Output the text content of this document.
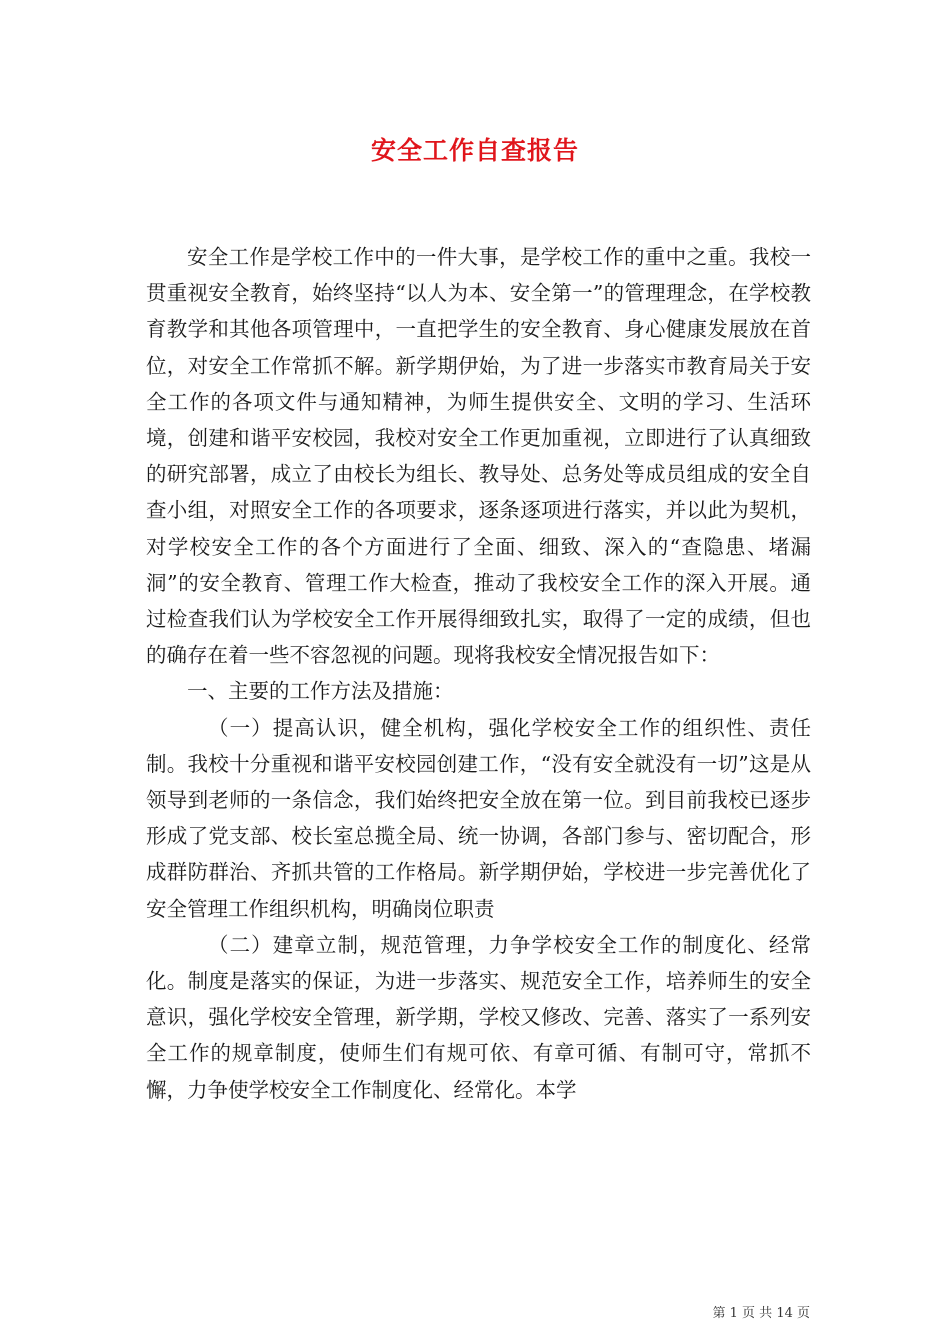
安全工作自查报告

安全工作是学校工作中的一件大事，是学校工作的重中之重。我校一贯重视安全教育，始终坚持“以人为本、安全第一”的管理理念，在学校教育教学和其他各项管理中，一直把学生的安全教育、身心健康发展放在首位，对安全工作常抓不解。新学期伊始，为了进一步落实市教育局关于安全工作的各项文件与通知精神，为师生提供安全、文明的学习、生活环境，创建和谐平安校园，我校对安全工作更加重视，立即进行了认真细致的研究部署，成立了由校长为组长、教导处、总务处等成员组成的安全自查小组，对照安全工作的各项要求，逐条逐项进行落实，并以此为契机，对学校安全工作的各个方面进行了全面、细致、深入的“查隐患、堵漏洞”的安全教育、管理工作大检查，推动了我校安全工作的深入开展。通过检查我们认为学校安全工作开展得细致扎实，取得了一定的成绩，但也的确存在着一些不容忽视的问题。现将我校安全情况报告如下：

一、主要的工作方法及措施：

（一）提高认识，健全机构，强化学校安全工作的组织性、责任制。我校十分重视和谐平安校园创建工作，“没有安全就没有一切”这是从领导到老师的一条信念，我们始终把安全放在第一位。到目前我校已逐步形成了党支部、校长室总揽全局、统一协调，各部门参与、密切配合，形成群防群治、齐抓共管的工作格局。新学期伊始，学校进一步完善优化了安全管理工作组织机构，明确岗位职责

（二）建章立制，规范管理，力争学校安全工作的制度化、经常化。制度是落实的保证，为进一步落实、规范安全工作，培养师生的安全意识，强化学校安全管理，新学期，学校又修改、完善、落实了一系列安全工作的规章制度，使师生们有规可依、有章可循、有制可守，常抓不懈，力争使学校安全工作制度化、经常化。本学

第 1 页 共 14 页
